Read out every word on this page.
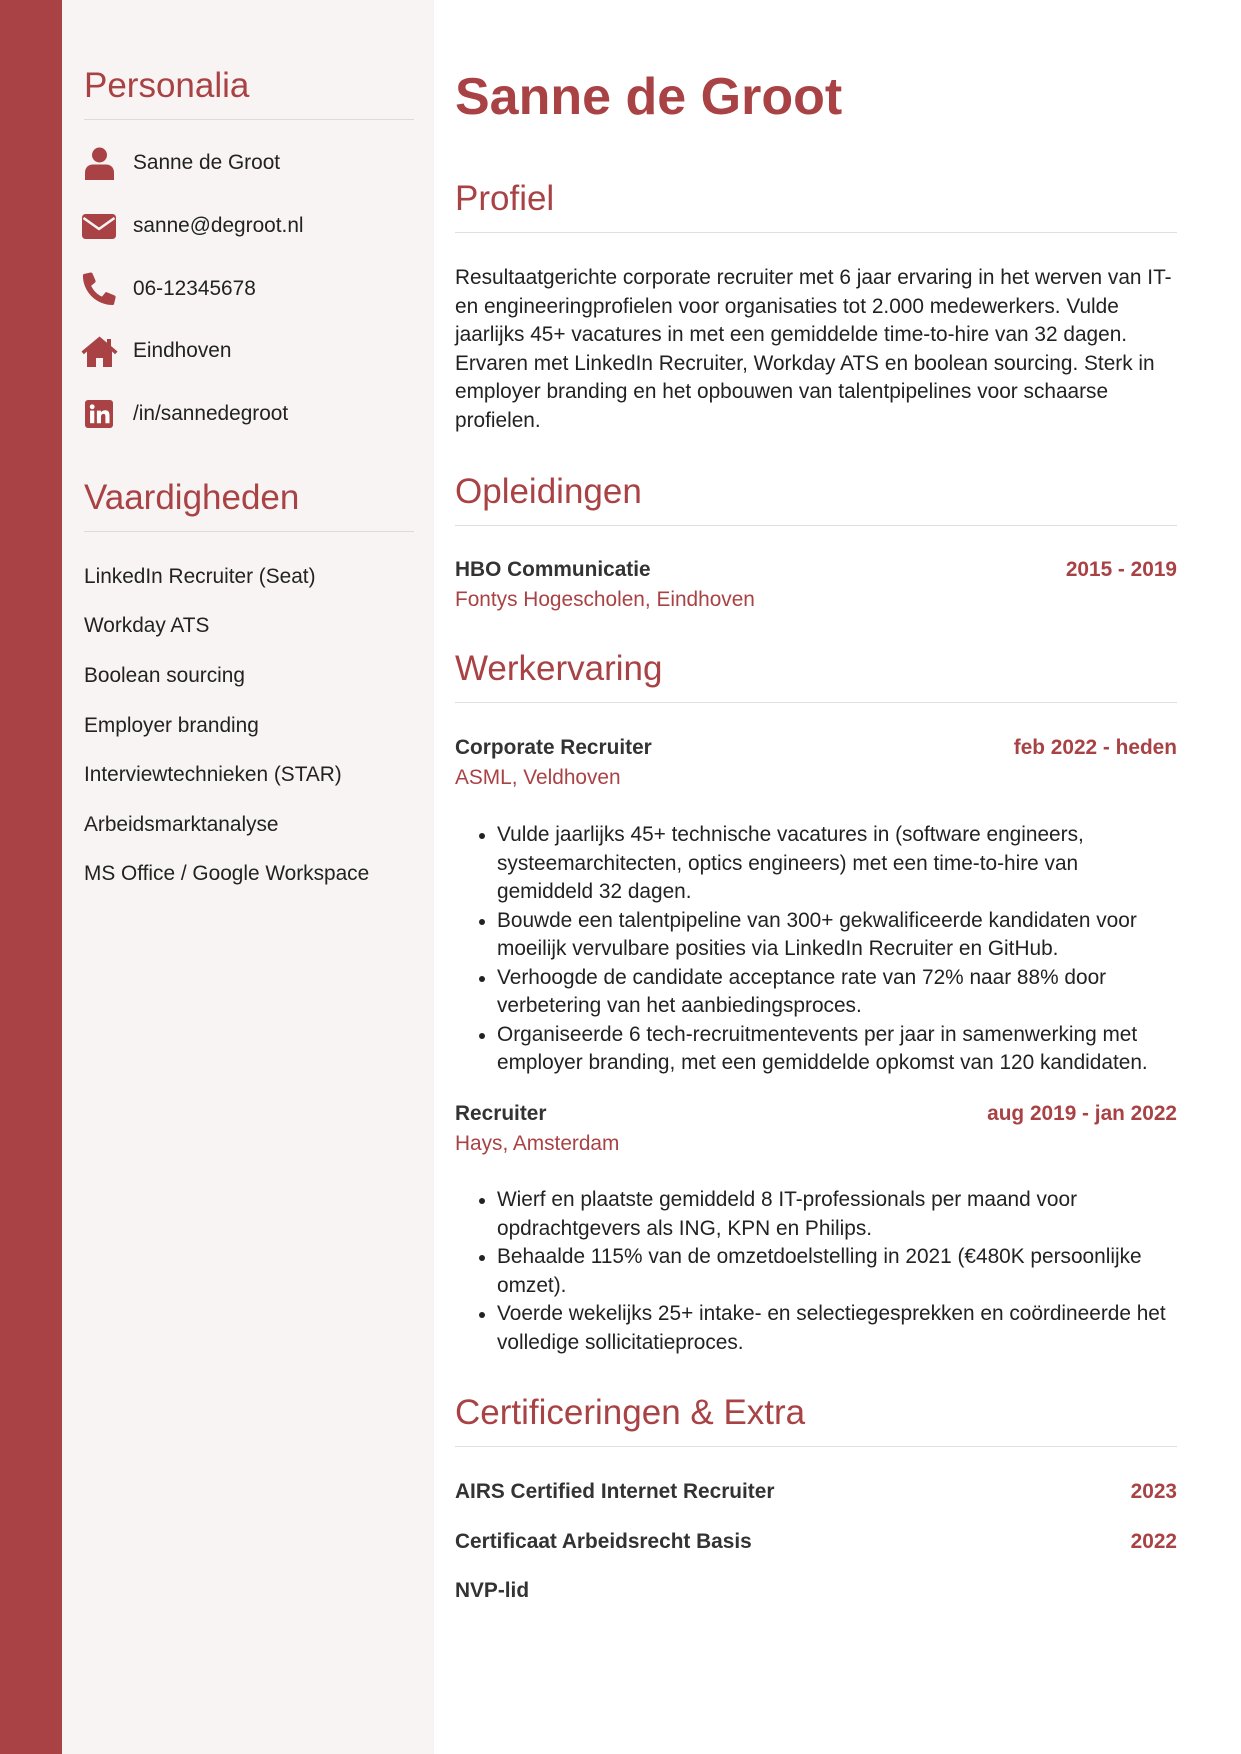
Personalia
Sanne de Groot
sanne@degroot.nl
06-12345678
Eindhoven
/in/sannedegroot
Vaardigheden
LinkedIn Recruiter (Seat)
Workday ATS
Boolean sourcing
Employer branding
Interviewtechnieken (STAR)
Arbeidsmarktanalyse
MS Office / Google Workspace
Sanne de Groot
Profiel

Resultaatgerichte corporate recruiter met 6 jaar ervaring in het werven van IT- en engineeringprofielen voor organisaties tot 2.000 medewerkers. Vulde jaarlijks 45+ vacatures in met een gemiddelde time-to-hire van 32 dagen. Ervaren met LinkedIn Recruiter, Workday ATS en boolean sourcing. Sterk in employer branding en het opbouwen van talentpipelines voor schaarse profielen.

Opleidingen
HBO Communicatie	2015 - 2019
Fontys Hogescholen, Eindhoven
Werkervaring
Corporate Recruiter	feb 2022 - heden
ASML, Veldhoven
• Vulde jaarlijks 45+ technische vacatures in (software engineers, systeemarchitecten, optics engineers) met een time-to-hire van gemiddeld 32 dagen.
• Bouwde een talentpipeline van 300+ gekwalificeerde kandidaten voor moeilijk vervulbare posities via LinkedIn Recruiter en GitHub.
• Verhoogde de candidate acceptance rate van 72% naar 88% door verbetering van het aanbiedingsproces.
• Organiseerde 6 tech-recruitmentevents per jaar in samenwerking met employer branding, met een gemiddelde opkomst van 120 kandidaten.
Recruiter	aug 2019 - jan 2022
Hays, Amsterdam
• Wierf en plaatste gemiddeld 8 IT-professionals per maand voor opdrachtgevers als ING, KPN en Philips.
• Behaalde 115% van de omzetdoelstelling in 2021 (€480K persoonlijke omzet).
• Voerde wekelijks 25+ intake- en selectiegesprekken en coördineerde het volledige sollicitatieproces.
Certificeringen & Extra
AIRS Certified Internet Recruiter	2023
Certificaat Arbeidsrecht Basis	2022
NVP-lid
